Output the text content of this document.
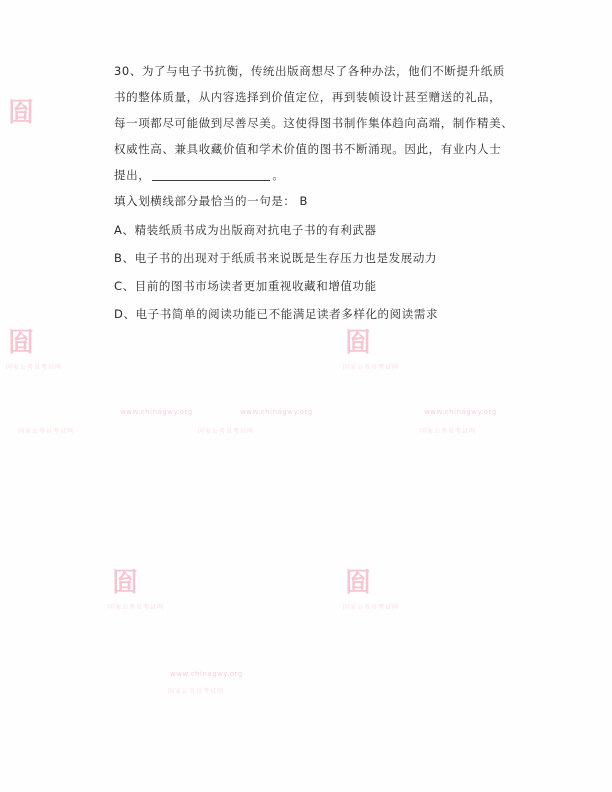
囼
囼
国家公务员考试网
囼
国家公务员考试网
www.chinagwy.org	www.chinagwy.org	www.chinagwy.org
国家公务员考试网	国家公务员考试网	国家公务员考试网
囼	囼
国家公务员考试网	国家公务员考试网
www.chinagwy.org
国家公务员考试网
30、为了与电子书抗衡，传统出版商想尽了各种办法，他们不断提升纸质
书的整体质量，从内容选择到价值定位，再到装帧设计甚至赠送的礼品，
每一项都尽可能做到尽善尽美。这使得图书制作集体趋向高端，制作精美、
权威性高、兼具收藏价值和学术价值的图书不断涌现。因此，有业内人士
提出，	。
填入划横线部分最恰当的一句是： B
A、精装纸质书成为出版商对抗电子书的有利武器
B、电子书的出现对于纸质书来说既是生存压力也是发展动力
C、目前的图书市场读者更加重视收藏和增值功能
D、电子书简单的阅读功能已不能满足读者多样化的阅读需求
